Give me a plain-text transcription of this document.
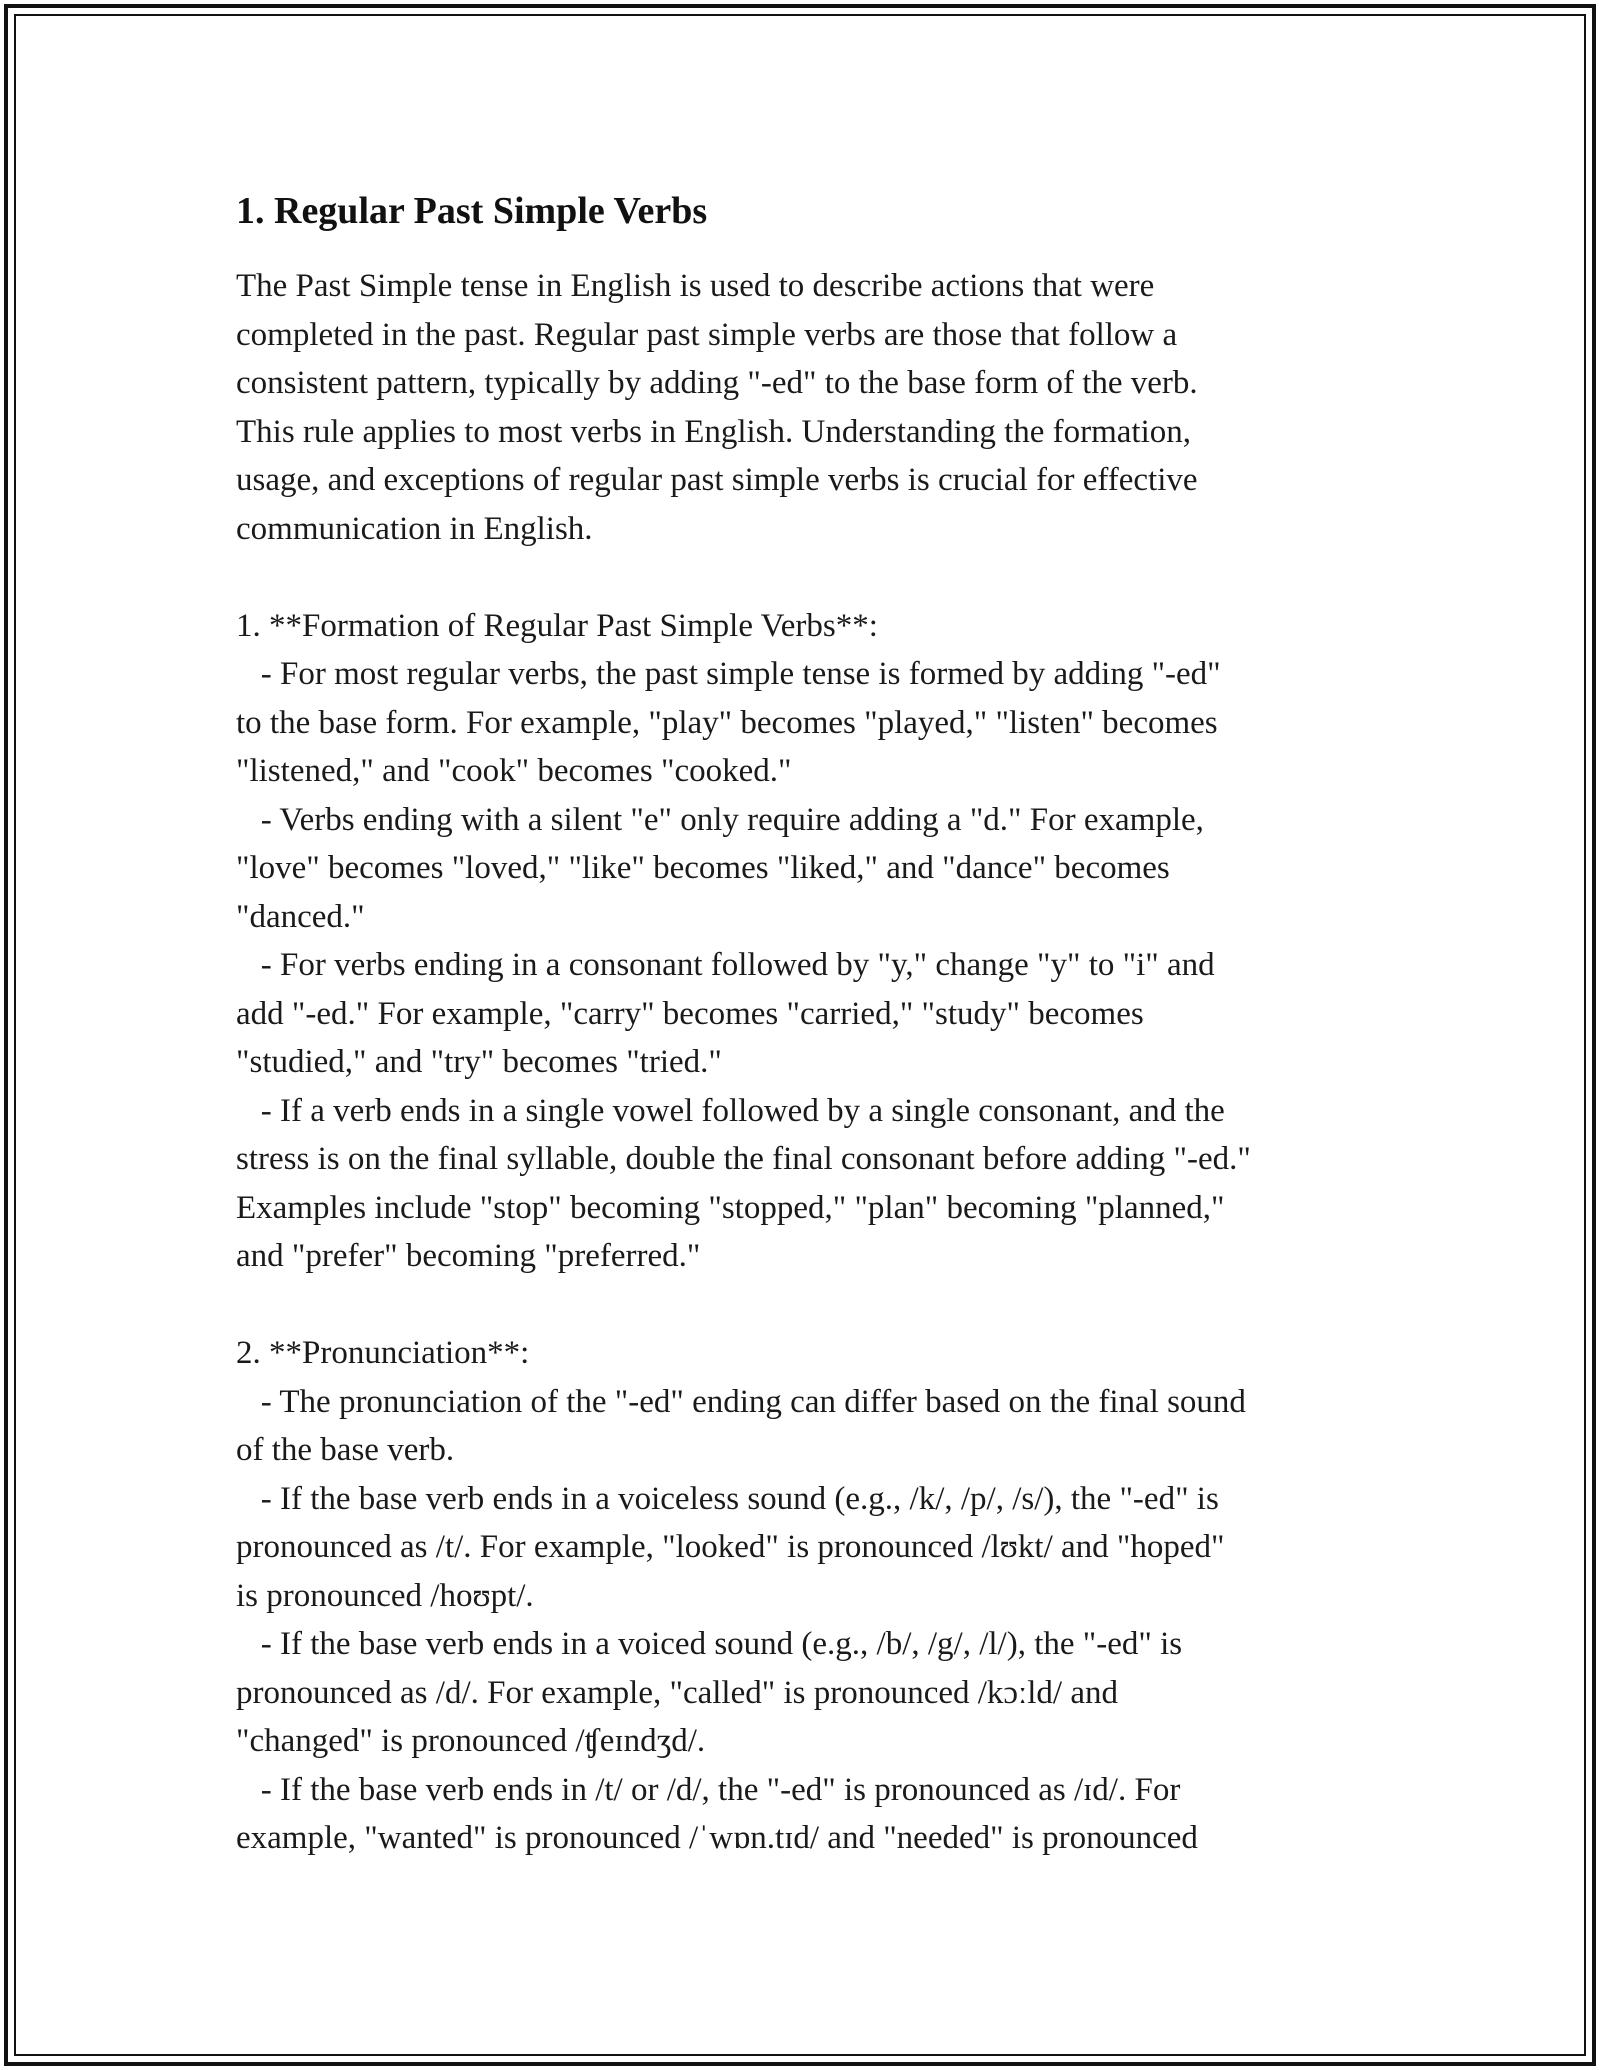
1. Regular Past Simple Verbs

The Past Simple tense in English is used to describe actions that were
completed in the past. Regular past simple verbs are those that follow a
consistent pattern, typically by adding "-ed" to the base form of the verb.
This rule applies to most verbs in English. Understanding the formation,
usage, and exceptions of regular past simple verbs is crucial for effective
communication in English.

1. **Formation of Regular Past Simple Verbs**:
- For most regular verbs, the past simple tense is formed by adding "-ed"
to the base form. For example, "play" becomes "played," "listen" becomes
"listened," and "cook" becomes "cooked."
- Verbs ending with a silent "e" only require adding a "d." For example,
"love" becomes "loved," "like" becomes "liked," and "dance" becomes
"danced."
- For verbs ending in a consonant followed by "y," change "y" to "i" and
add "-ed." For example, "carry" becomes "carried," "study" becomes
"studied," and "try" becomes "tried."
- If a verb ends in a single vowel followed by a single consonant, and the
stress is on the final syllable, double the final consonant before adding "-ed."
Examples include "stop" becoming "stopped," "plan" becoming "planned,"
and "prefer" becoming "preferred."

2. **Pronunciation**:
- The pronunciation of the "-ed" ending can differ based on the final sound
of the base verb.
- If the base verb ends in a voiceless sound (e.g., /k/, /p/, /s/), the "-ed" is
pronounced as /t/. For example, "looked" is pronounced /lʊkt/ and "hoped"
is pronounced /hoʊpt/.
- If the base verb ends in a voiced sound (e.g., /b/, /g/, /l/), the "-ed" is
pronounced as /d/. For example, "called" is pronounced /kɔːld/ and
"changed" is pronounced /ʧeɪndʒd/.
- If the base verb ends in /t/ or /d/, the "-ed" is pronounced as /ɪd/. For
example, "wanted" is pronounced /ˈwɒn.tɪd/ and "needed" is pronounced
